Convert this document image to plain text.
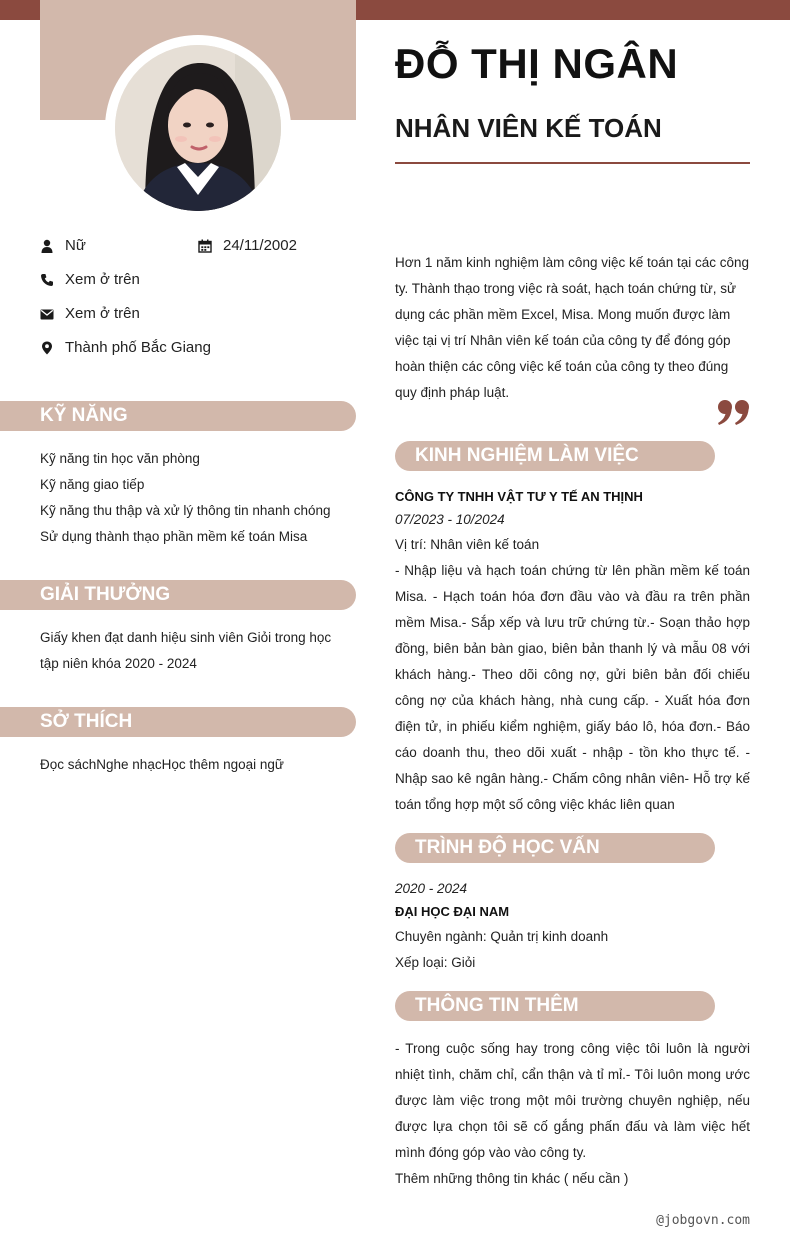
ĐỖ THỊ NGÂN
NHÂN VIÊN KẾ TOÁN
Nữ	24/11/2002
Xem ở trên
Xem ở trên
Thành phố Bắc Giang
KỸ NĂNG
Kỹ năng tin học văn phòng
Kỹ năng giao tiếp
Kỹ năng thu thập và xử lý thông tin nhanh chóng
Sử dụng thành thạo phần mềm kế toán Misa
GIẢI THƯỞNG
Giấy khen đạt danh hiệu sinh viên Giỏi trong học tập niên khóa 2020 - 2024
SỞ THÍCH
Đọc sáchNghe nhạcHọc thêm ngoại ngữ
Hơn 1 năm kinh nghiệm làm công việc kế toán tại các công ty. Thành thạo trong việc rà soát, hạch toán chứng từ, sử dụng các phần mềm Excel, Misa. Mong muốn được làm việc tại vị trí Nhân viên kế toán của công ty để đóng góp hoàn thiện các công việc kế toán của công ty theo đúng quy định pháp luật.
KINH NGHIỆM LÀM VIỆC
CÔNG TY TNHH VẬT TƯ Y TẾ AN THỊNH
07/2023 - 10/2024
Vị trí: Nhân viên kế toán
- Nhập liệu và hạch toán chứng từ lên phần mềm kế toán Misa. - Hạch toán hóa đơn đầu vào và đầu ra trên phần mềm Misa.- Sắp xếp và lưu trữ chứng từ.- Soạn thảo hợp đồng, biên bản bàn giao, biên bản thanh lý và mẫu 08 với khách hàng.- Theo dõi công nợ, gửi biên bản đối chiếu công nợ của khách hàng, nhà cung cấp. - Xuất hóa đơn điện tử, in phiếu kiểm nghiệm, giấy báo lô, hóa đơn.- Báo cáo doanh thu, theo dõi xuất - nhập - tồn kho thực tế. - Nhập sao kê ngân hàng.- Chấm công nhân viên- Hỗ trợ kế toán tổng hợp một số công việc khác liên quan
TRÌNH ĐỘ HỌC VẤN
2020 - 2024
ĐẠI HỌC ĐẠI NAM
Chuyên ngành: Quản trị kinh doanh
Xếp loại: Giỏi
THÔNG TIN THÊM
- Trong cuộc sống hay trong công việc tôi luôn là người nhiệt tình, chăm chỉ, cẩn thận và tỉ mỉ.- Tôi luôn mong ước được làm việc trong một môi trường chuyên nghiệp, nếu được lựa chọn tôi sẽ cố gắng phấn đấu và làm việc hết mình đóng góp vào vào công ty.
Thêm những thông tin khác ( nếu cần )
@jobgovn.com
